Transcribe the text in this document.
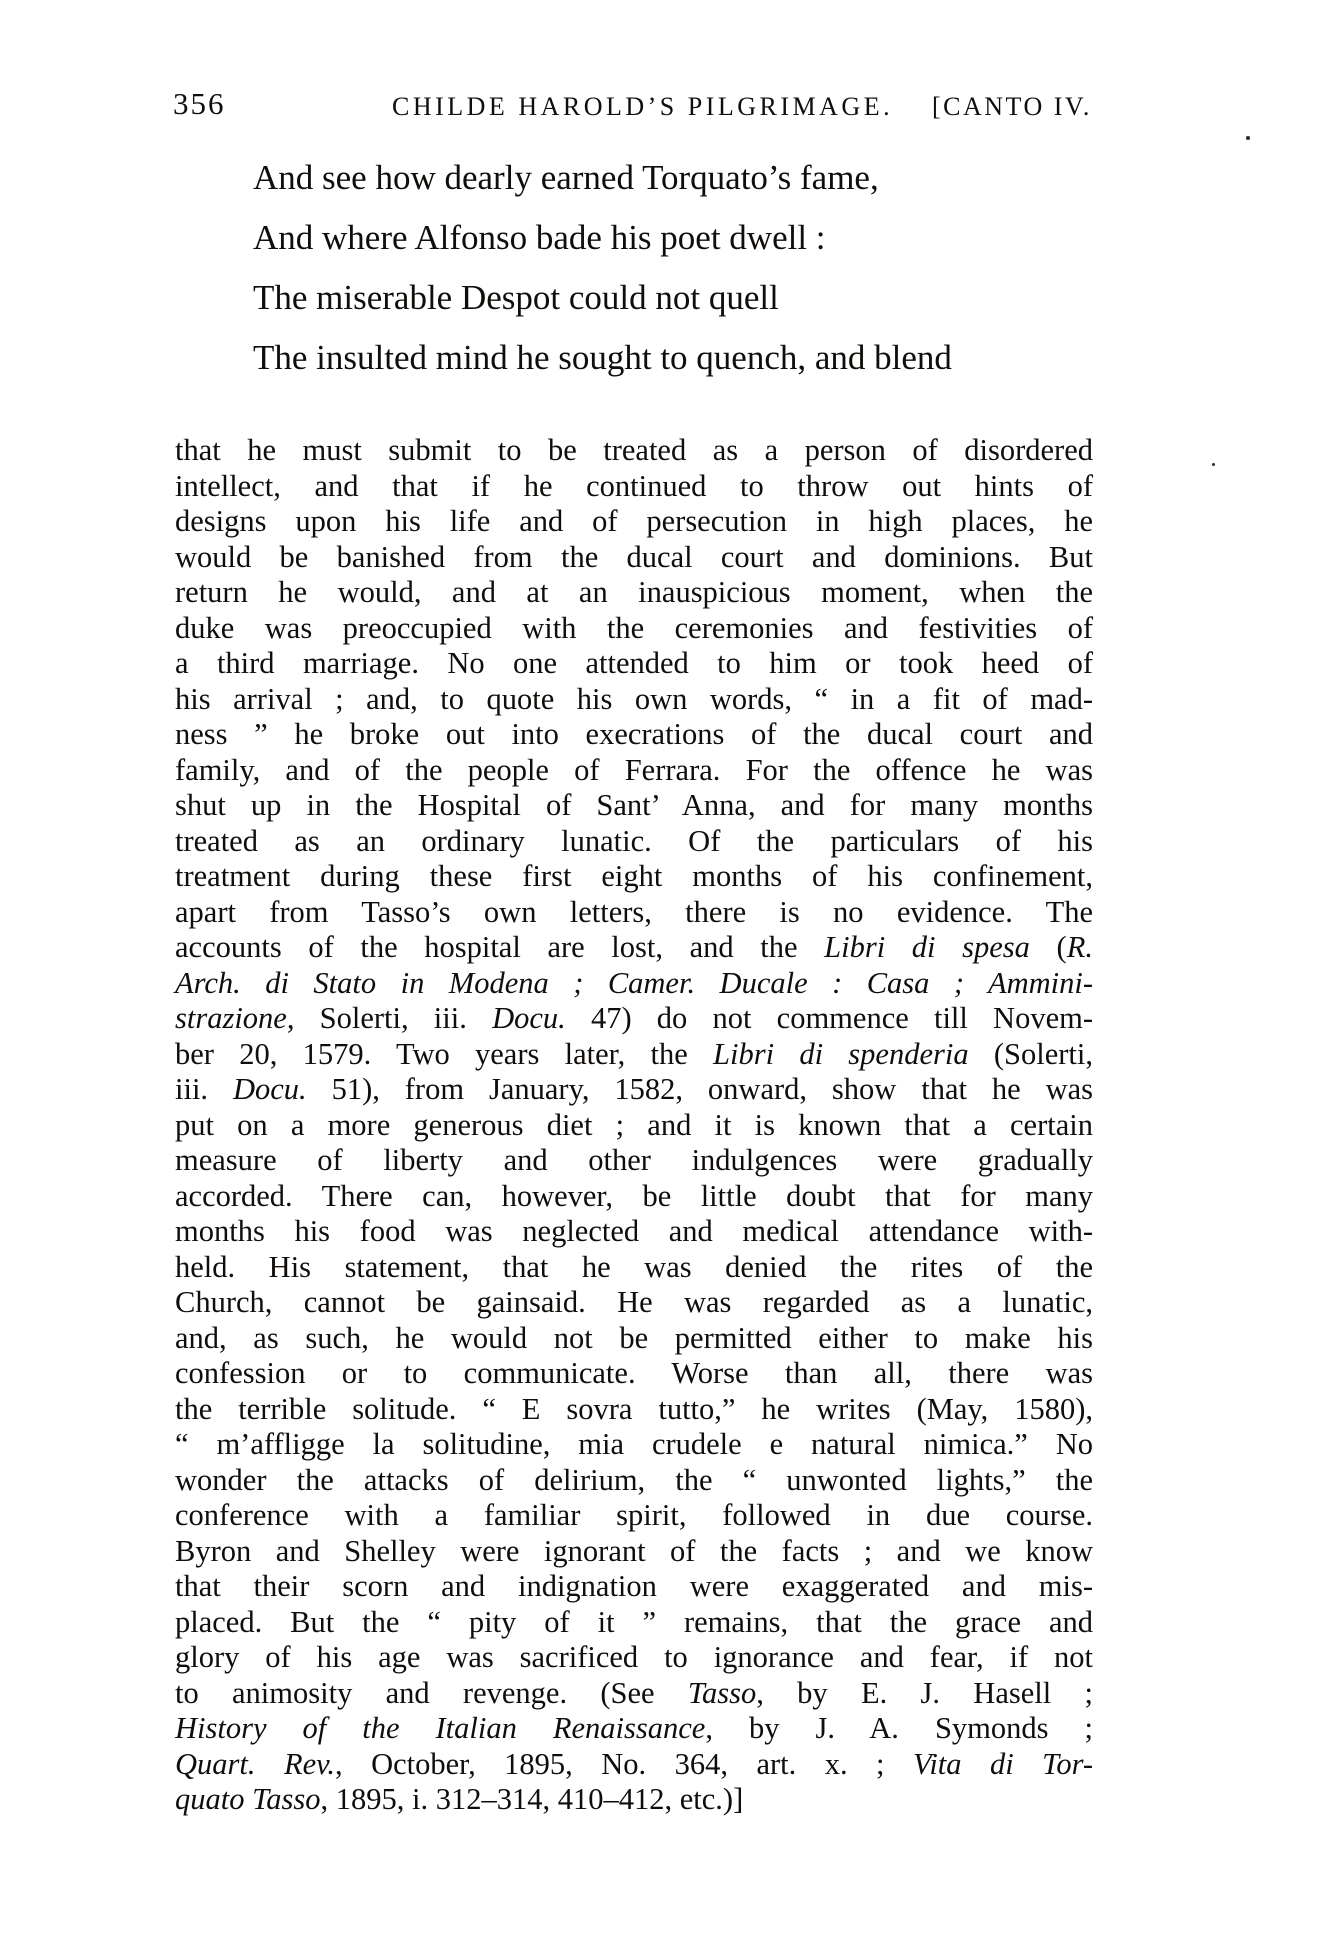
356	CHILDE HAROLD’S PILGRIMAGE. [CANTO IV.
And see how dearly earned Torquato’s fame,
And where Alfonso bade his poet dwell :
The miserable Despot could not quell
The insulted mind he sought to quench, and blend
that he must submit to be treated as a person of disordered
intellect, and that if he continued to throw out hints of
designs upon his life and of persecution in high places, he
would be banished from the ducal court and dominions. But
return he would, and at an inauspicious moment, when the
duke was preoccupied with the ceremonies and festivities of
a third marriage. No one attended to him or took heed of
his arrival ; and, to quote his own words, “ in a fit of mad-
ness ” he broke out into execrations of the ducal court and
family, and of the people of Ferrara. For the offence he was
shut up in the Hospital of Sant’ Anna, and for many months
treated as an ordinary lunatic. Of the particulars of his
treatment during these first eight months of his confinement,
apart from Tasso’s own letters, there is no evidence. The
accounts of the hospital are lost, and the Libri di spesa (R.
Arch. di Stato in Modena ; Camer. Ducale : Casa ; Ammini-
strazione, Solerti, iii. Docu. 47) do not commence till Novem-
ber 20, 1579. Two years later, the Libri di spenderia (Solerti,
iii. Docu. 51), from January, 1582, onward, show that he was
put on a more generous diet ; and it is known that a certain
measure of liberty and other indulgences were gradually
accorded. There can, however, be little doubt that for many
months his food was neglected and medical attendance with-
held. His statement, that he was denied the rites of the
Church, cannot be gainsaid. He was regarded as a lunatic,
and, as such, he would not be permitted either to make his
confession or to communicate. Worse than all, there was
the terrible solitude. “ E sovra tutto,” he writes (May, 1580),
“ m’affligge la solitudine, mia crudele e natural nimica.” No
wonder the attacks of delirium, the “ unwonted lights,” the
conference with a familiar spirit, followed in due course.
Byron and Shelley were ignorant of the facts ; and we know
that their scorn and indignation were exaggerated and mis-
placed. But the “ pity of it ” remains, that the grace and
glory of his age was sacrificed to ignorance and fear, if not
to animosity and revenge. (See Tasso, by E. J. Hasell ;
History of the Italian Renaissance, by J. A. Symonds ;
Quart. Rev., October, 1895, No. 364, art. x. ; Vita di Tor-
quato Tasso, 1895, i. 312–314, 410–412, etc.)]
